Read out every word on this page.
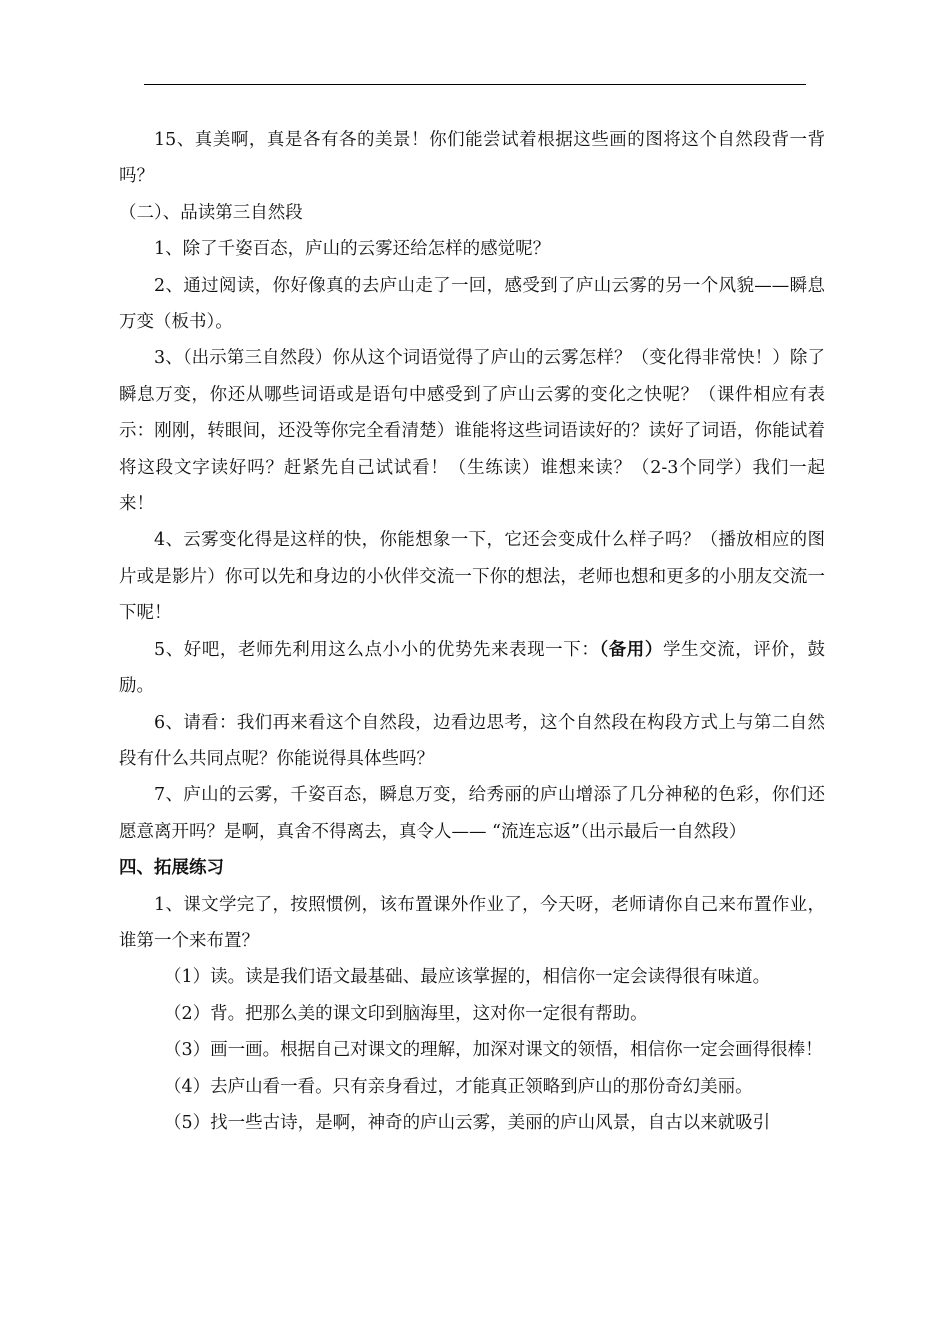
15、真美啊，真是各有各的美景！你们能尝试着根据这些画的图将这个自然段背一背吗？

（二）、品读第三自然段

1、除了千姿百态，庐山的云雾还给怎样的感觉呢？

2、通过阅读，你好像真的去庐山走了一回，感受到了庐山云雾的另一个风貌——瞬息万变（板书）。

3、（出示第三自然段）你从这个词语觉得了庐山的云雾怎样？（变化得非常快！）除了瞬息万变，你还从哪些词语或是语句中感受到了庐山云雾的变化之快呢？（课件相应有表示：刚刚，转眼间，还没等你完全看清楚）谁能将这些词语读好的？读好了词语，你能试着将这段文字读好吗？赶紧先自己试试看！（生练读）谁想来读？（2-3个同学）我们一起来！

4、云雾变化得是这样的快，你能想象一下，它还会变成什么样子吗？（播放相应的图片或是影片）你可以先和身边的小伙伴交流一下你的想法，老师也想和更多的小朋友交流一下呢！

5、好吧，老师先利用这么点小小的优势先来表现一下：（备用）学生交流，评价，鼓励。

6、请看：我们再来看这个自然段，边看边思考，这个自然段在构段方式上与第二自然段有什么共同点呢？你能说得具体些吗？

7、庐山的云雾，千姿百态，瞬息万变，给秀丽的庐山增添了几分神秘的色彩，你们还愿意离开吗？是啊，真舍不得离去，真令人—— “流连忘返”（出示最后一自然段）

四、拓展练习

1、课文学完了，按照惯例，该布置课外作业了，今天呀，老师请你自己来布置作业，谁第一个来布置？

（1）读。读是我们语文最基础、最应该掌握的，相信你一定会读得很有味道。

（2）背。把那么美的课文印到脑海里，这对你一定很有帮助。

（3）画一画。根据自己对课文的理解，加深对课文的领悟，相信你一定会画得很棒！

（4）去庐山看一看。只有亲身看过，才能真正领略到庐山的那份奇幻美丽。

（5）找一些古诗，是啊，神奇的庐山云雾，美丽的庐山风景，自古以来就吸引
